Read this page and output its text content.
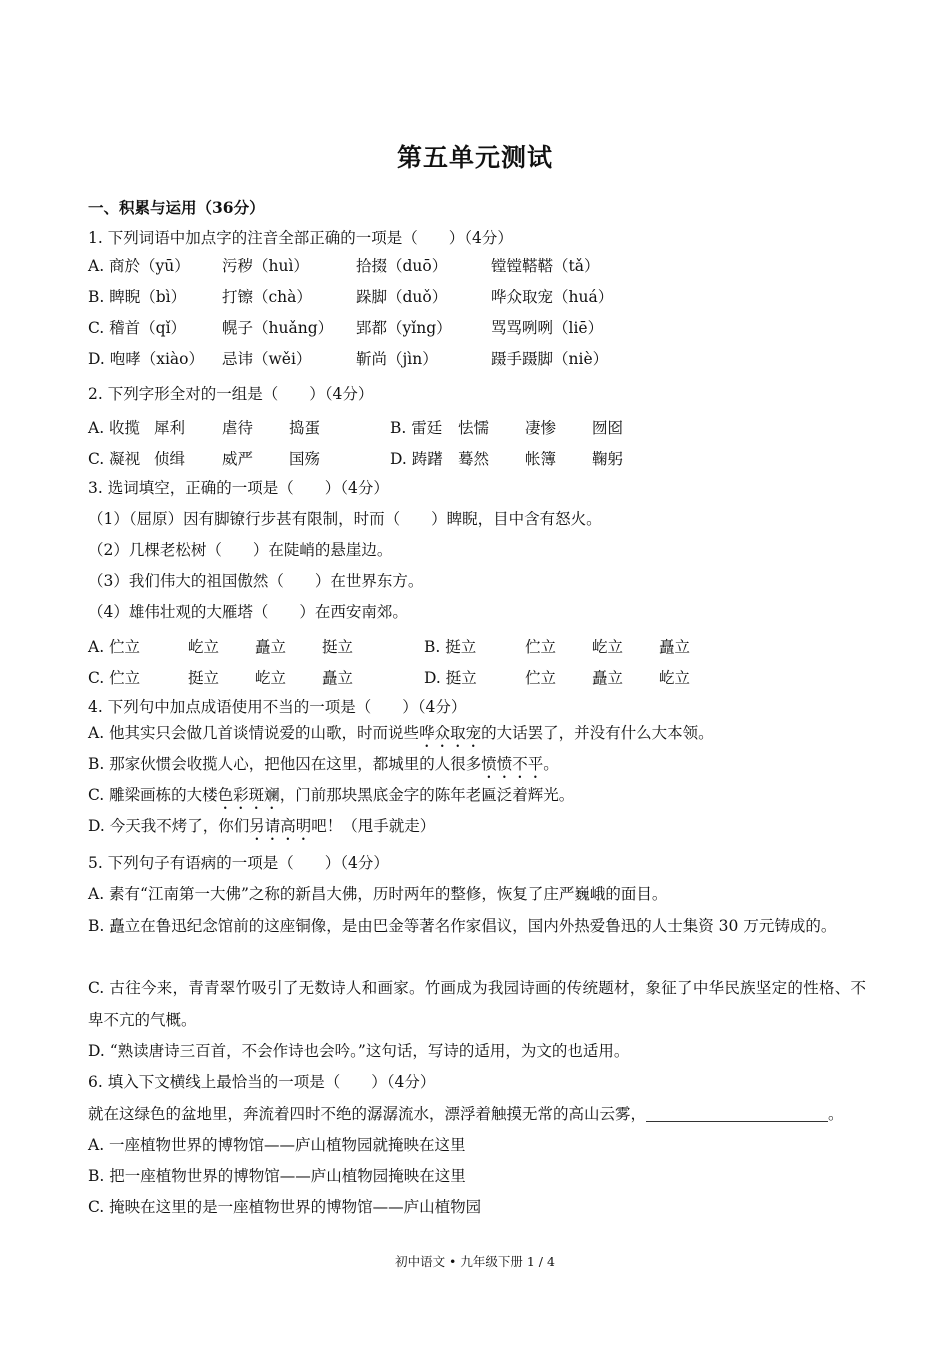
第五单元测试
一、积累与运用（36分）
1. 下列词语中加点字的注音全部正确的一项是（　　）（4分）
A. 商於（yū） 污秽（huì）	拾掇（duō）	镗镗鞳鞳（tǎ）
B. 睥睨（bì） 打镲（chà）	跺脚（duǒ）	哗众取宠（huá）
C. 稽首（qǐ） 幌子（huǎng） 郢都（yǐng）	骂骂咧咧（liē）
D. 咆哮（xiào） 忌讳（wěi）	靳尚（jìn）	蹑手蹑脚（niè）
2. 下列字形全对的一组是（　　）（4分）
A. 收揽 犀利 虐待 捣蛋	B. 雷廷 怯懦 凄惨 囫囵
C. 凝视 侦缉 威严 国殇	D. 踌躇 蓦然 帐簿 鞠躬
3. 选词填空，正确的一项是（　　）（4分）
（1）（屈原）因有脚镣行步甚有限制，时而（　　）睥睨，目中含有怒火。
（2）几棵老松树（　　）在陡峭的悬崖边。
（3）我们伟大的祖国傲然（　　）在世界东方。
（4）雄伟壮观的大雁塔（　　）在西安南郊。
A. 伫立	屹立 矗立 挺立	B. 挺立	伫立 屹立 矗立
C. 伫立	挺立 屹立 矗立	D. 挺立	伫立 矗立 屹立
4. 下列句中加点成语使用不当的一项是（　　）（4分）
A. 他其实只会做几首谈情说爱的山歌，时而说些哗众取宠的大话罢了，并没有什么大本领。
B. 那家伙惯会收揽人心，把他囚在这里，都城里的人很多愤愤不平。
C. 雕梁画栋的大楼色彩斑斓，门前那块黑底金字的陈年老匾泛着辉光。
D. 今天我不烤了，你们另请高明吧！（甩手就走）
5. 下列句子有语病的一项是（　　）（4分）
A. 素有“江南第一大佛”之称的新昌大佛，历时两年的整修，恢复了庄严巍峨的面目。
B. 矗立在鲁迅纪念馆前的这座铜像，是由巴金等著名作家倡议，国内外热爱鲁迅的人士集资 30 万元铸成的。
C. 古往今来，青青翠竹吸引了无数诗人和画家。竹画成为我园诗画的传统题材，象征了中华民族坚定的性格、不卑不亢的气概。
D. “熟读唐诗三百首，不会作诗也会吟。”这句话，写诗的适用，为文的也适用。
6. 填入下文横线上最恰当的一项是（　　）（4分）
就在这绿色的盆地里，奔流着四时不绝的潺潺流水，漂浮着触摸无常的高山云雾，	。
A. 一座植物世界的博物馆——庐山植物园就掩映在这里
B. 把一座植物世界的博物馆——庐山植物园掩映在这里
C. 掩映在这里的是一座植物世界的博物馆——庐山植物园
初中语文 • 九年级下册 1 / 4
